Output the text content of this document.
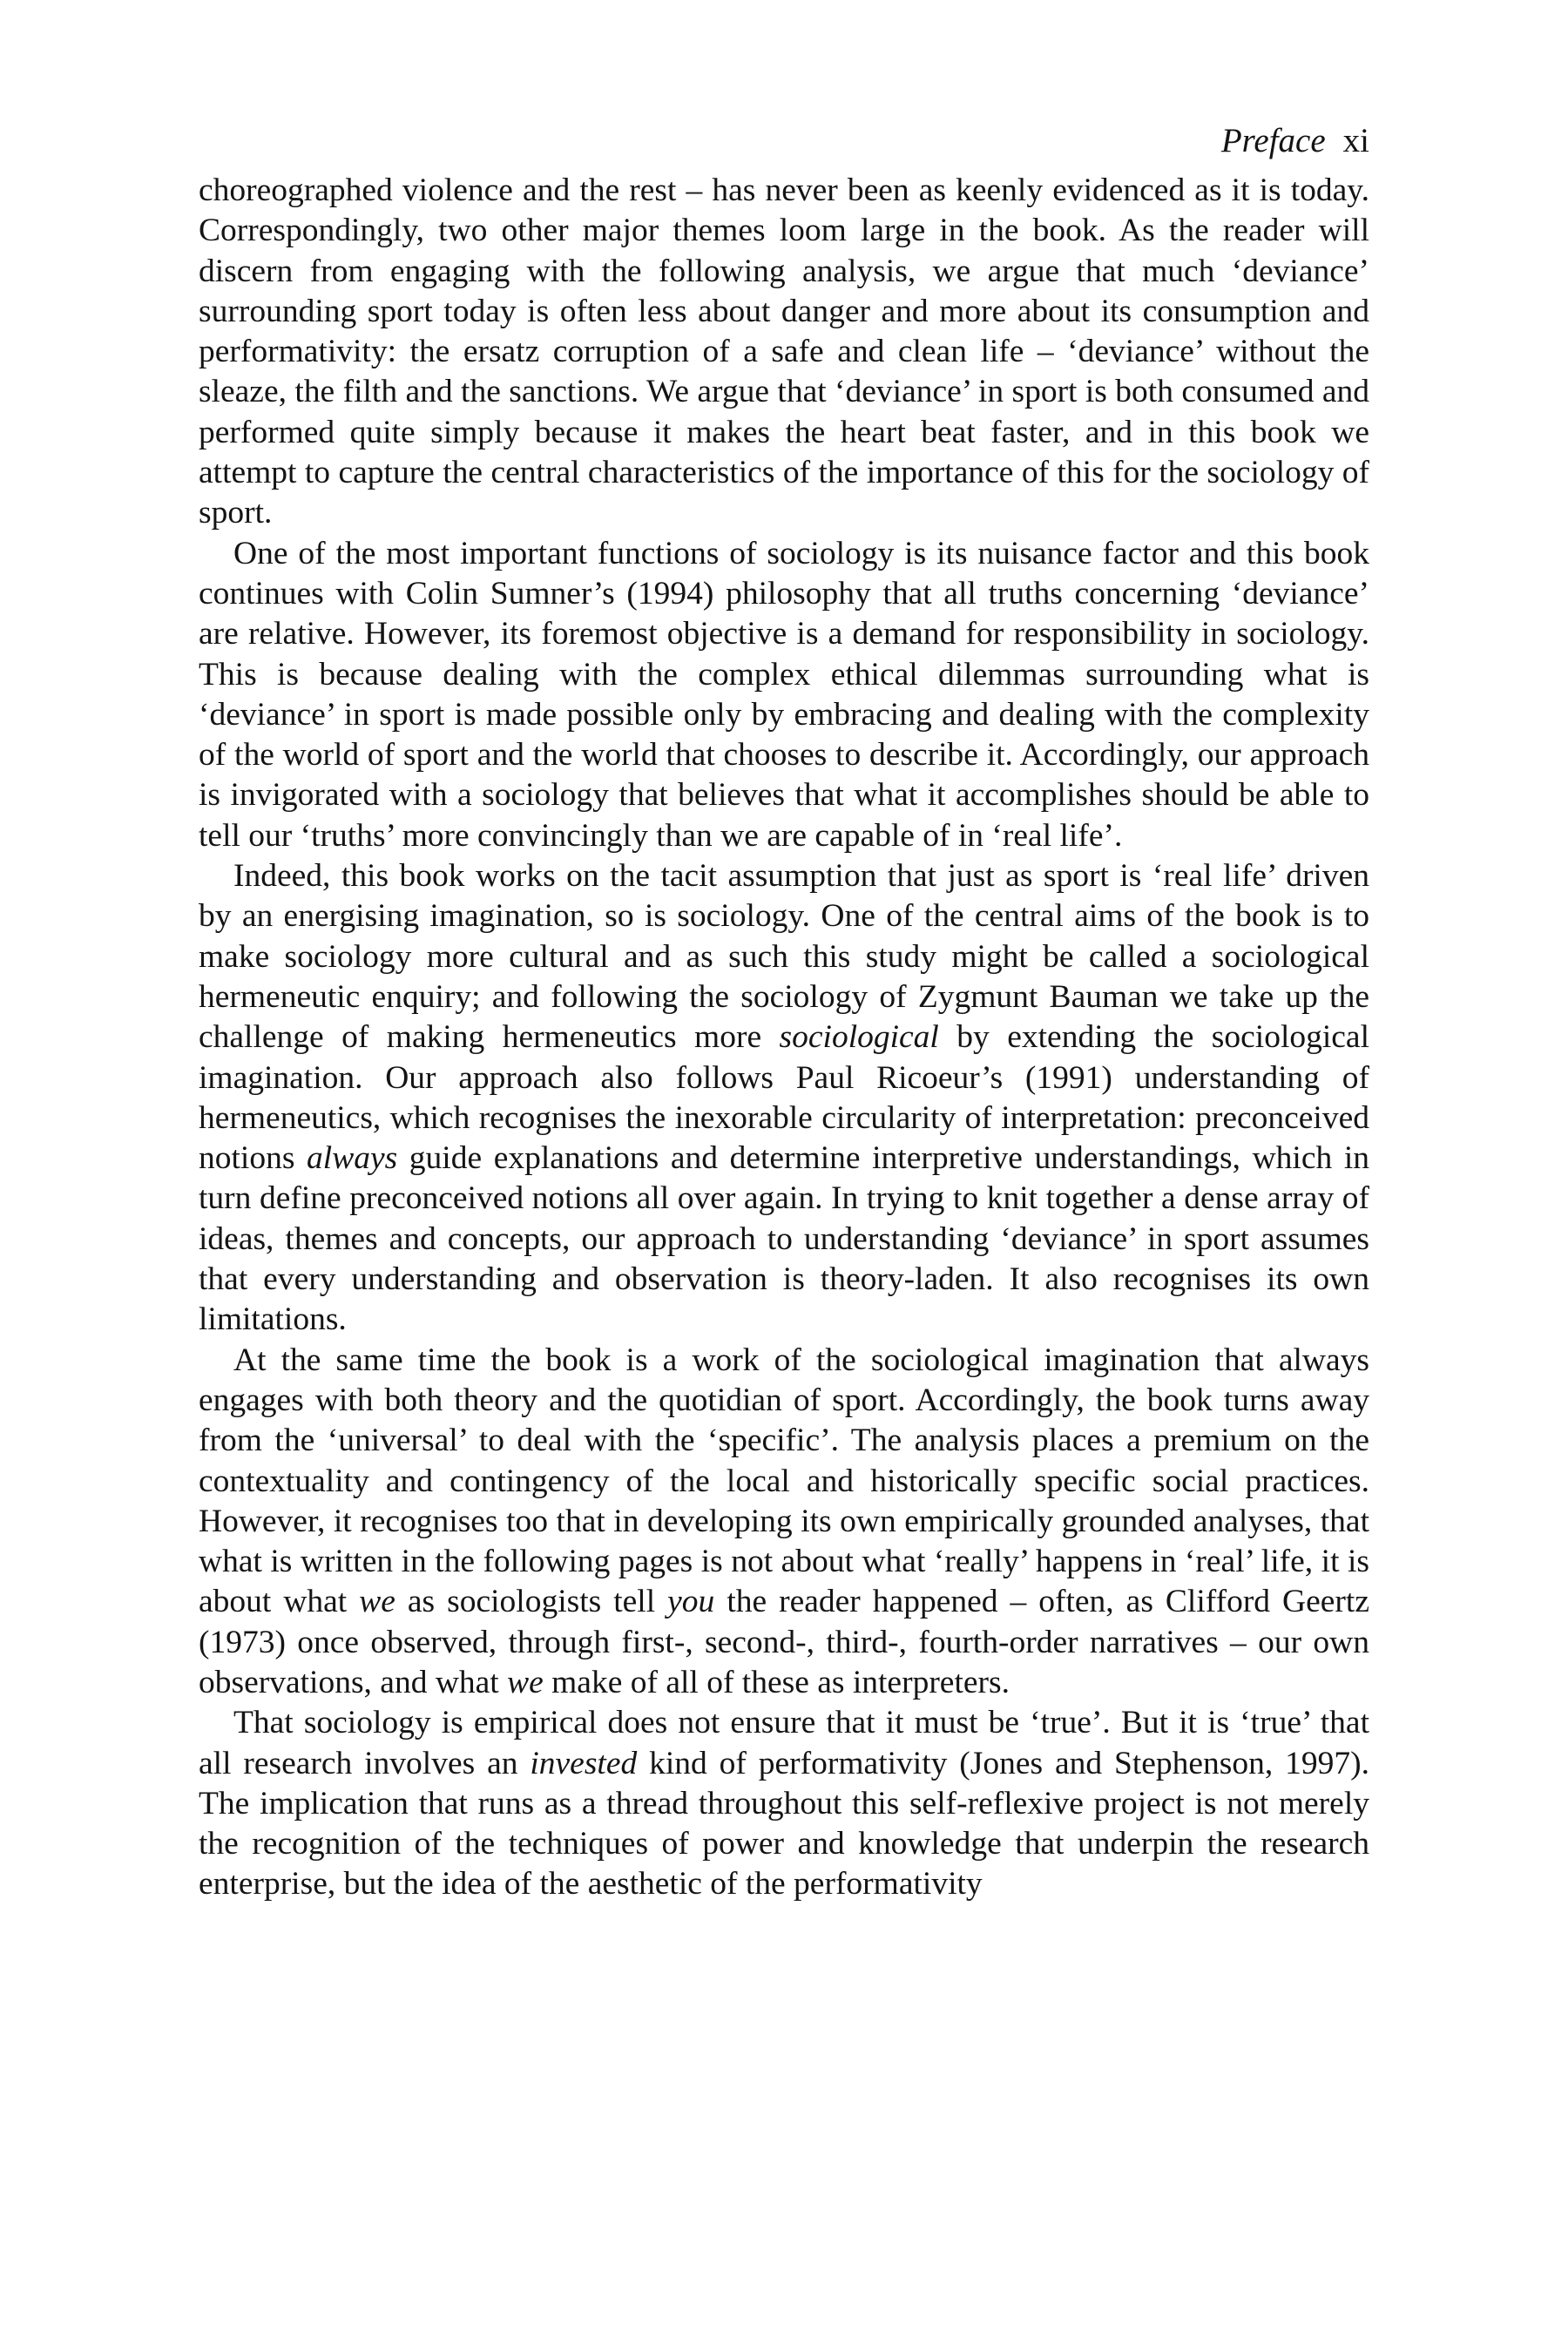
Preface xi

choreographed violence and the rest – has never been as keenly evidenced as it is today. Correspondingly, two other major themes loom large in the book. As the reader will discern from engaging with the following analysis, we argue that much ‘deviance’ surrounding sport today is often less about danger and more about its consumption and performativity: the ersatz corruption of a safe and clean life – ‘deviance’ without the sleaze, the filth and the sanctions. We argue that ‘deviance’ in sport is both consumed and performed quite simply because it makes the heart beat faster, and in this book we attempt to capture the central characteristics of the importance of this for the sociology of sport.

One of the most important functions of sociology is its nuisance factor and this book continues with Colin Sumner’s (1994) philosophy that all truths concerning ‘deviance’ are relative. However, its foremost objective is a demand for responsibility in sociology. This is because dealing with the complex ethical dilemmas surrounding what is ‘deviance’ in sport is made possible only by embracing and dealing with the complexity of the world of sport and the world that chooses to describe it. Accordingly, our approach is invigorated with a sociology that believes that what it accomplishes should be able to tell our ‘truths’ more convincingly than we are capable of in ‘real life’.

Indeed, this book works on the tacit assumption that just as sport is ‘real life’ driven by an energising imagination, so is sociology. One of the central aims of the book is to make sociology more cultural and as such this study might be called a sociological hermeneutic enquiry; and following the sociology of Zygmunt Bauman we take up the challenge of making hermeneutics more sociological by extending the sociological imagination. Our approach also follows Paul Ricoeur’s (1991) understanding of hermeneutics, which recognises the inexorable circularity of interpretation: preconceived notions always guide explanations and determine interpretive understandings, which in turn define preconceived notions all over again. In trying to knit together a dense array of ideas, themes and concepts, our approach to understanding ‘deviance’ in sport assumes that every understanding and observation is theory-laden. It also recognises its own limitations.

At the same time the book is a work of the sociological imagination that always engages with both theory and the quotidian of sport. Accordingly, the book turns away from the ‘universal’ to deal with the ‘specific’. The analysis places a premium on the contextuality and contingency of the local and historically specific social practices. However, it recognises too that in developing its own empirically grounded analyses, that what is written in the following pages is not about what ‘really’ happens in ‘real’ life, it is about what we as sociologists tell you the reader happened – often, as Clifford Geertz (1973) once observed, through first-, second-, third-, fourth-order narratives – our own observations, and what we make of all of these as interpreters.

That sociology is empirical does not ensure that it must be ‘true’. But it is ‘true’ that all research involves an invested kind of performativity (Jones and Stephenson, 1997). The implication that runs as a thread throughout this self-reflexive project is not merely the recognition of the techniques of power and knowledge that underpin the research enterprise, but the idea of the aesthetic of the performativity
